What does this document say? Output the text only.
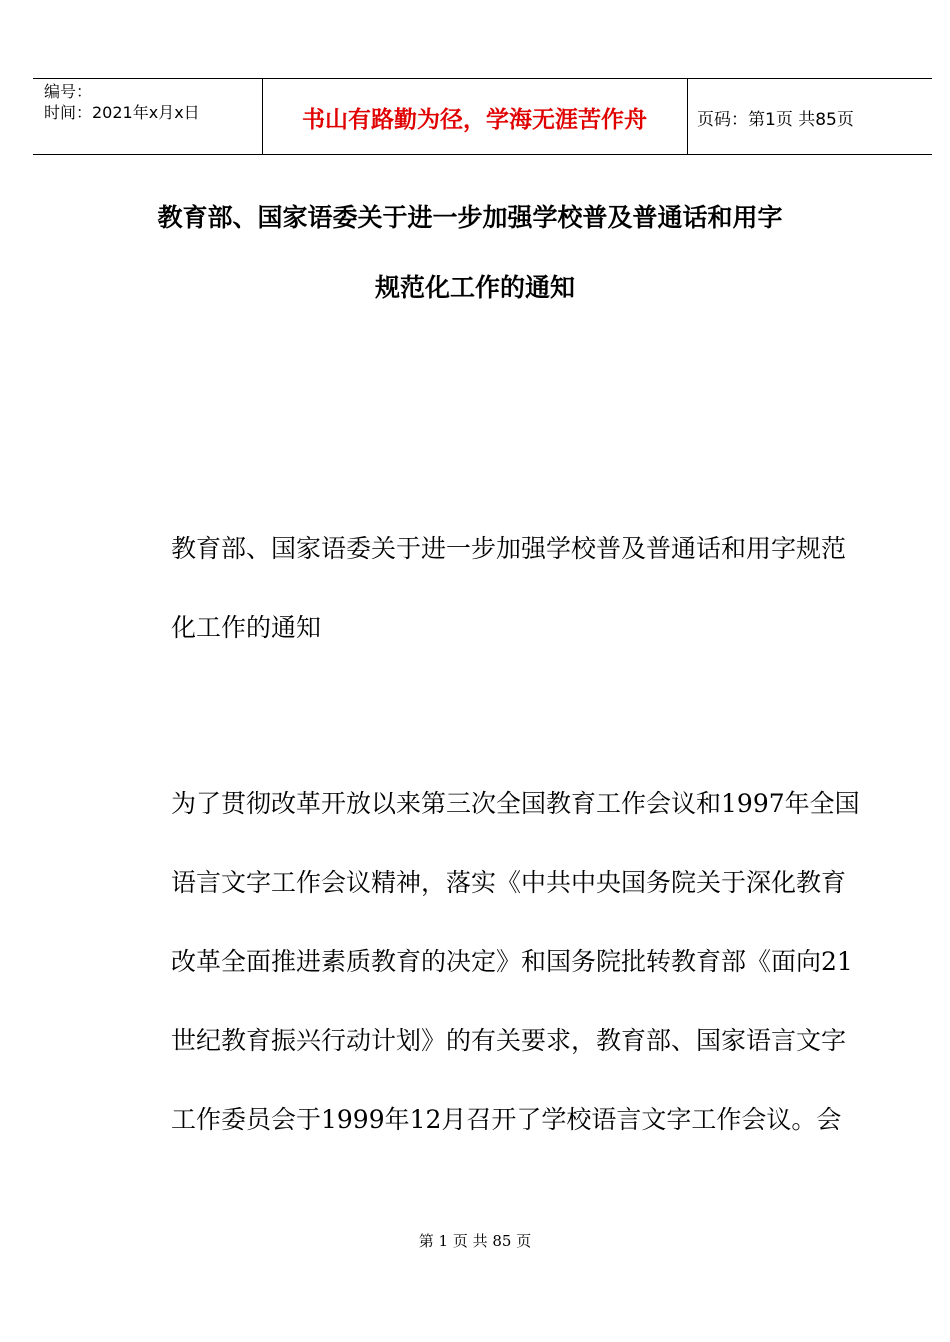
编号：
时间：2021年x月x日	书山有路勤为径，学海无涯苦作舟	页码：第1页 共85页
教育部、国家语委关于进一步加强学校普及普通话和用字
规范化工作的通知
教育部、国家语委关于进一步加强学校普及普通话和用字规范
化工作的通知
为了贯彻改革开放以来第三次全国教育工作会议和1997年全国
语言文字工作会议精神，落实《中共中央国务院关于深化教育
改革全面推进素质教育的决定》和国务院批转教育部《面向21
世纪教育振兴行动计划》的有关要求，教育部、国家语言文字
工作委员会于1999年12月召开了学校语言文字工作会议。会
第 1 页 共 85 页
